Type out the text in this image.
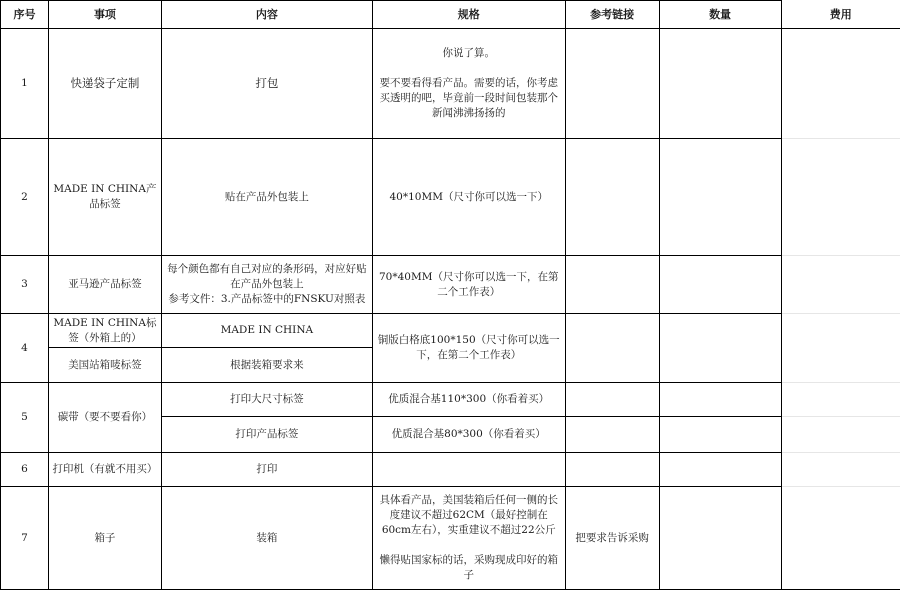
序号	事项	内容	规格	参考链接	数量	费用
1	快递袋子定制	打包	你说了算。

要不要看得看产品。需要的话，你考虑买透明的吧，毕竟前一段时间包装那个新闻沸沸扬扬的			
2	MADE IN CHINA产品标签	贴在产品外包装上	40*10MM（尺寸你可以选一下）			
3	亚马逊产品标签	每个颜色都有自己对应的条形码，对应好贴在产品外包装上
参考文件：3.产品标签中的FNSKU对照表	70*40MM（尺寸你可以选一下，在第二个工作表）			
4	MADE IN CHINA标签（外箱上的）	MADE IN CHINA	铜版白格底100*150（尺寸你可以选一下，在第二个工作表）			
	美国站箱唛标签	根据装箱要求来				
5	碳带（要不要看你）	打印大尺寸标签	优质混合基110*300（你看着买）			
		打印产品标签	优质混合基80*300（你看着买）			
6	打印机（有就不用买）	打印				
7	箱子	装箱	具体看产品，美国装箱后任何一侧的长度建议不超过62CM（最好控制在60cm左右），实重建议不超过22公斤

懒得贴国家标的话，采购现成印好的箱子	把要求告诉采购		
